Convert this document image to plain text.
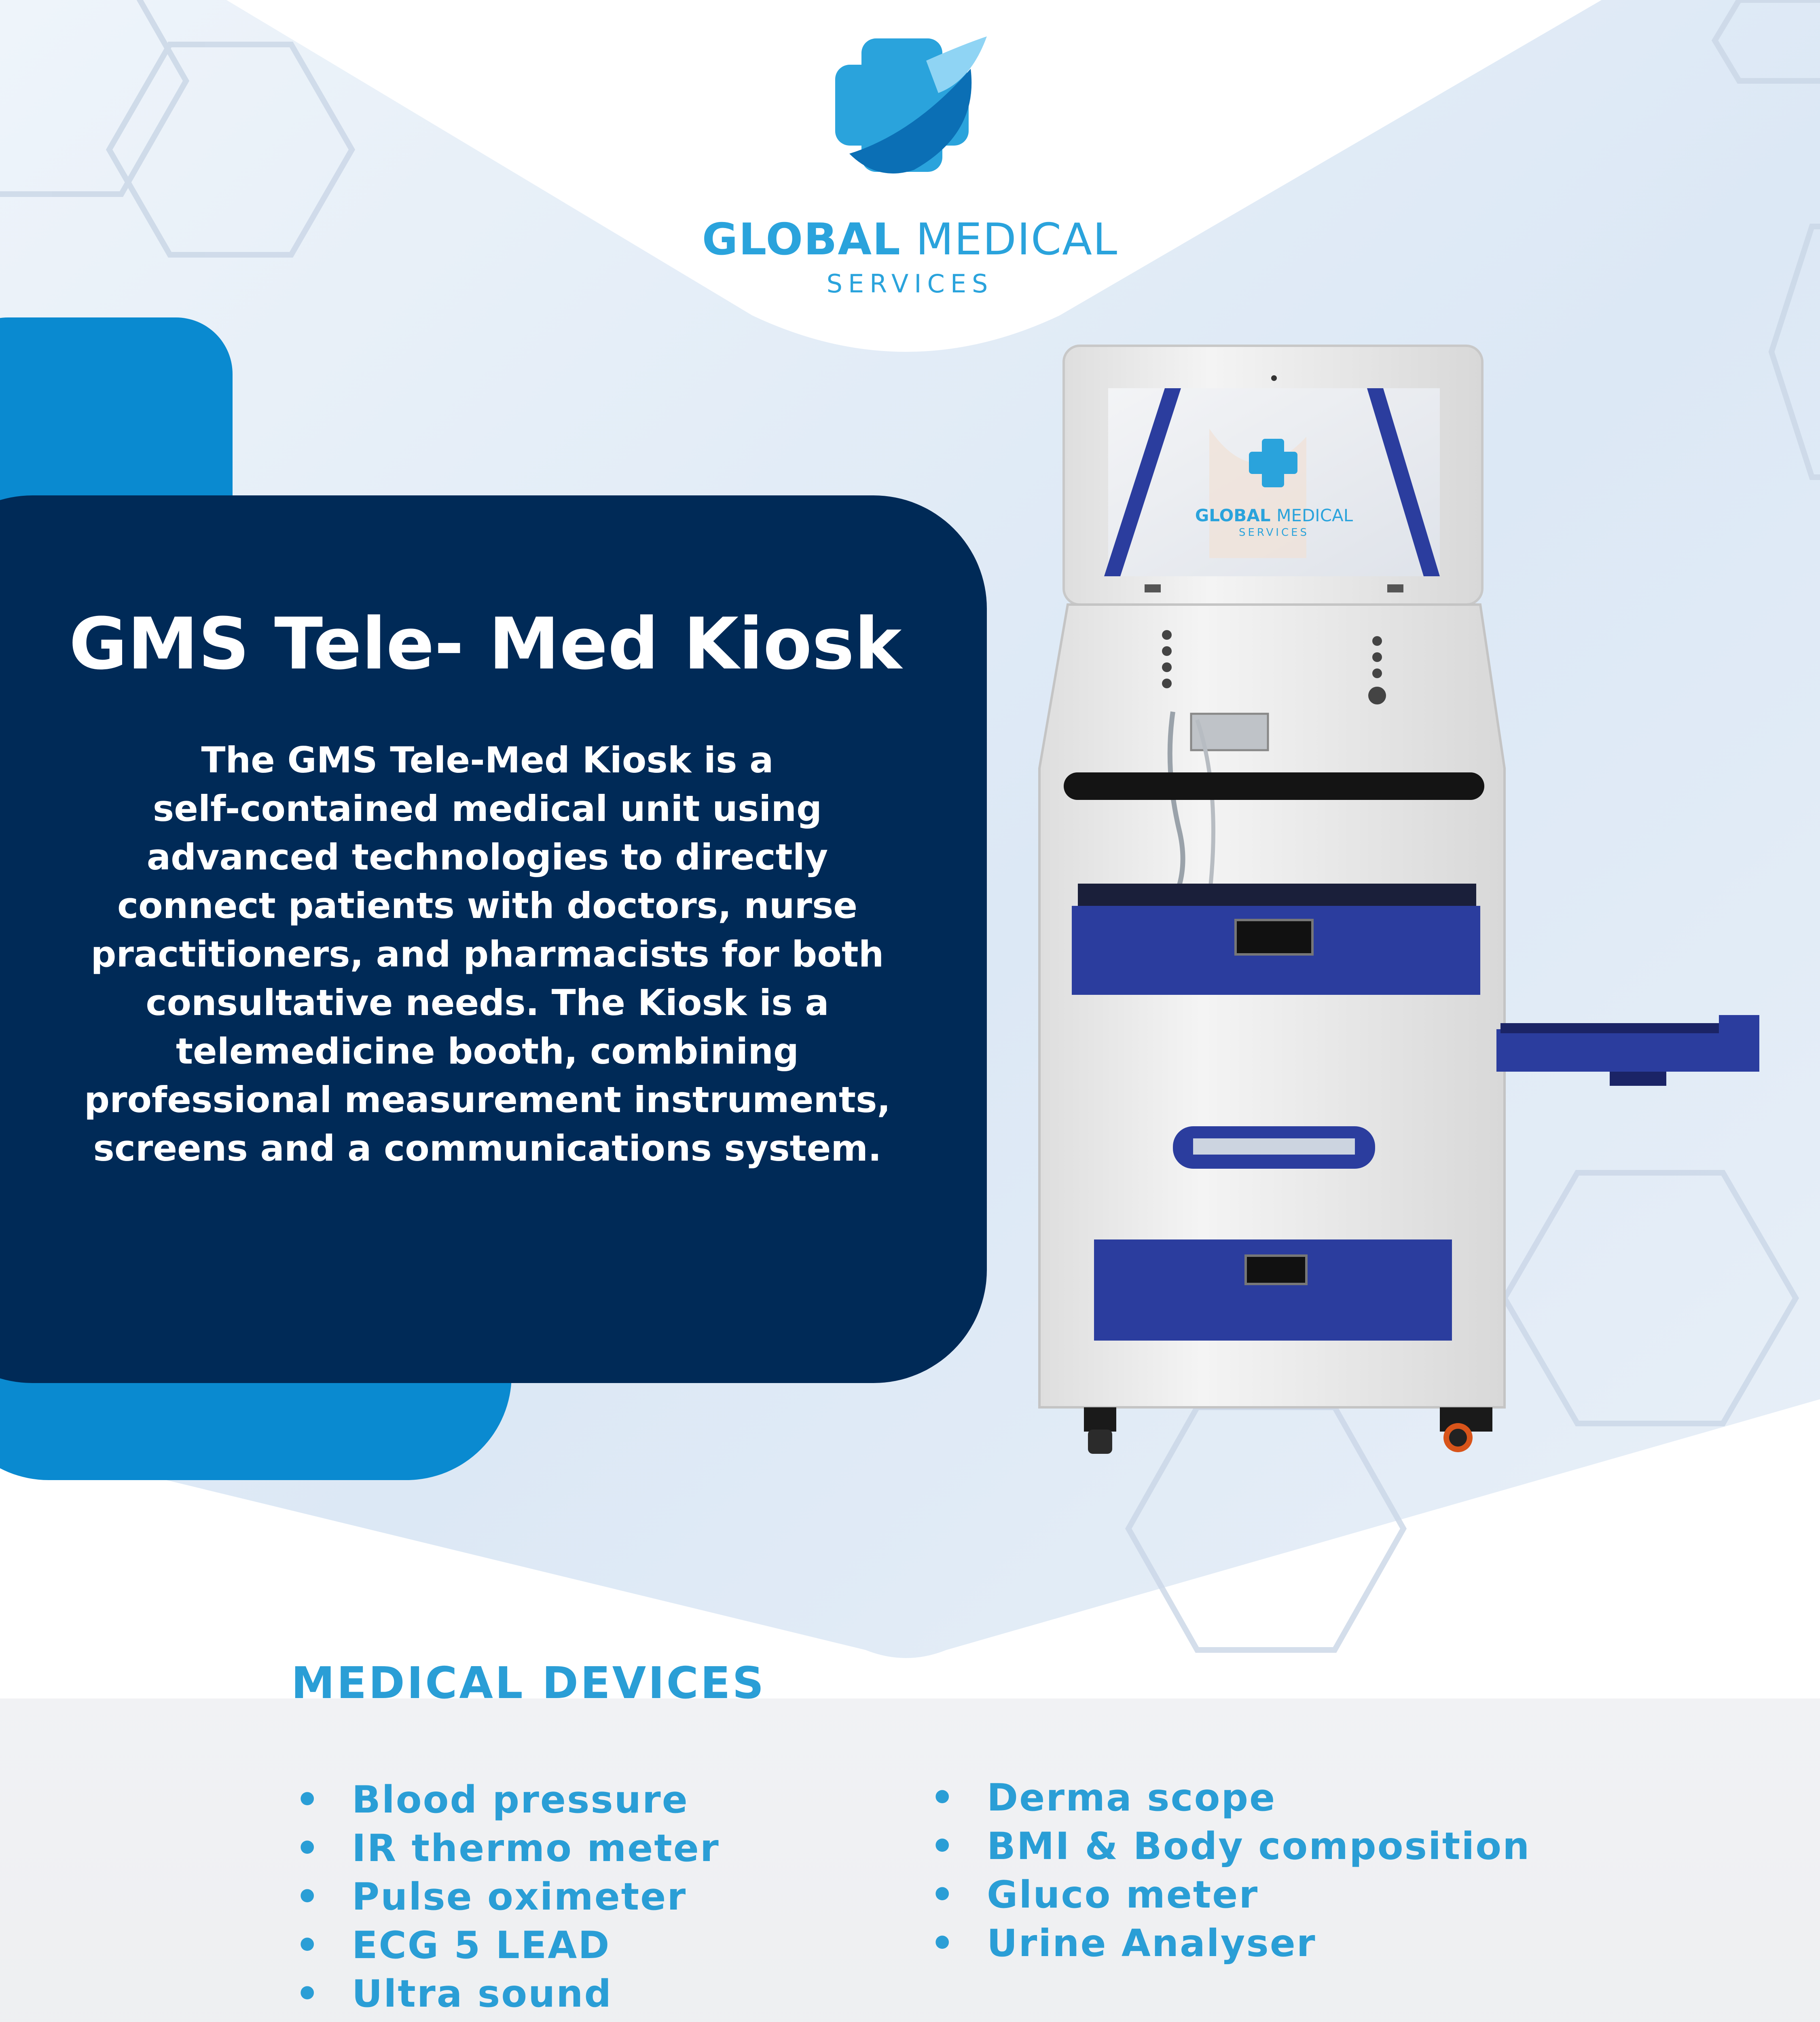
GLOBAL MEDICAL
SERVICES
GLOBAL MEDICAL
SERVICES
GMS Tele- Med Kiosk
The GMS Tele-Med Kiosk is a
self-contained medical unit using
advanced technologies to directly
connect patients with doctors, nurse
practitioners, and pharmacists for both
consultative needs. The Kiosk is a
telemedicine booth, combining
professional measurement instruments,
screens and a communications system.
MEDICAL DEVICES
• Blood pressure
• IR thermo meter
• Pulse oximeter
• ECG 5 LEAD
• Ultra sound
• Derma scope
• BMI & Body composition
• Gluco meter
• Urine Analyser
